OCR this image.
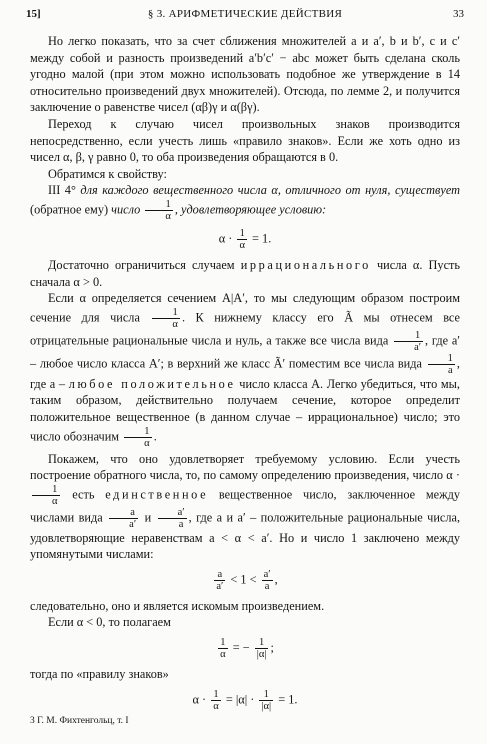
15]	§ 3. АРИФМЕТИЧЕСКИЕ ДЕЙСТВИЯ	33

Но легко показать, что за счет сближения множителей a и a′, b и b′, c и c′ между собой и разность произведений a′b′c′ − abc может быть сделана сколь угодно малой (при этом можно использовать подобное же утверждение в 14 относительно произведений двух множителей). Отсюда, по лемме 2, и получится заключение о равенстве чисел (αβ)γ и α(βγ).

Переход к случаю чисел произвольных знаков производится непосредственно, если учесть лишь «правило знаков». Если же хоть одно из чисел α, β, γ равно 0, то оба произведения обращаются в 0.

Обратимся к свойству:

III 4° для каждого вещественного числа α, отличного от нуля, существует (обратное ему) число $\frac{1}{\alpha}$ , удовлетворяющее условию:

$\alpha \cdot \frac{1}{\alpha} = 1$.

Достаточно ограничиться случаем иррационального числа α. Пусть сначала α > 0.

Если α определяется сечением A|A′, то мы следующим образом построим сечение для числа $\frac{1}{\alpha}$ . К нижнему классу его Ã мы отнесем все отрицательные рациональные числа и нуль, а также все числа вида $\frac{1}{a'}$ , где a′ – любое число класса A′; в верхний же класс Ã′ поместим все числа вида $\frac{1}{a}$ , где a – любое положительное число класса A. Легко убедиться, что мы, таким образом, действительно получаем сечение, которое определит положительное вещественное (в данном случае – иррациональное) число; это число обозначим $\frac{1}{\alpha}$ .

Покажем, что оно удовлетворяет требуемому условию. Если учесть построение обратного числа, то, по самому определению произведения, число α ·
$\frac{1}{\alpha}$ есть единственное вещественное число, заключенное между числами вида $\frac{a}{a'}$ и $\frac{a'}{a}$ , где a и a′ – положительные рациональные числа, удовлетворяющие неравенствам a < α < a′. Но и число 1 заключено между упомянутыми числами:

$\frac{a}{a'} < 1 < \frac{a'}{a}$ ,

следовательно, оно и является искомым произведением.

Если α < 0, то полагаем

$\frac{1}{\alpha}$ = − $\frac{1}{|\alpha|}$ ;

тогда по «правилу знаков»

$\alpha \cdot \frac{1}{\alpha} = |\alpha| \cdot \frac{1}{|\alpha|} = 1$.
3 Г. М. Фихтенгольц, т. I
